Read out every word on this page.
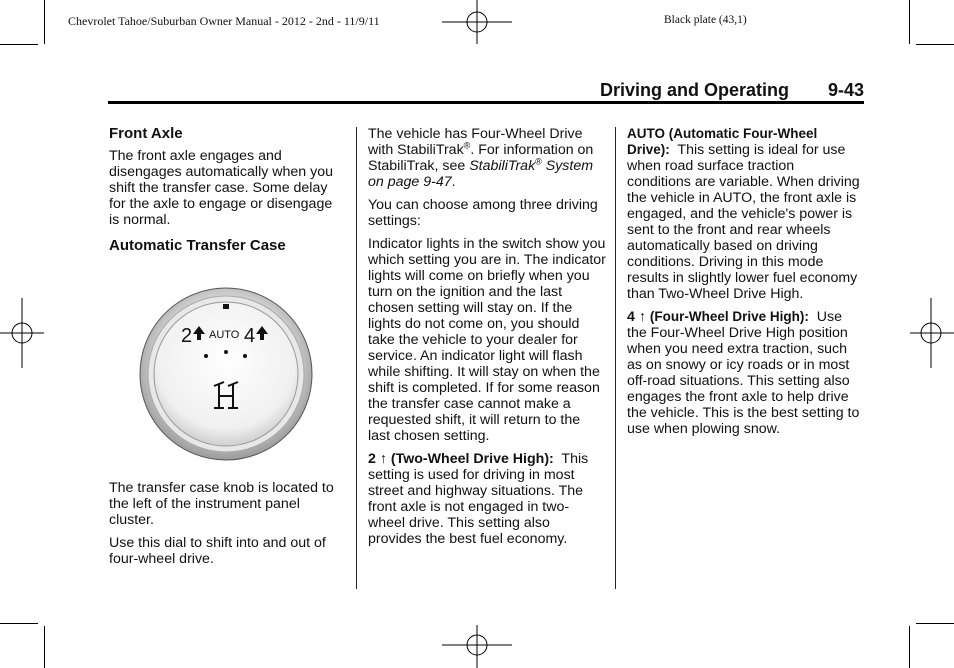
Chevrolet Tahoe/Suburban Owner Manual - 2012 - 2nd - 11/9/11	Black plate (43,1)
Driving and Operating 9-43
Front Axle

The front axle engages and disengages automatically when you shift the transfer case. Some delay for the axle to engage or disengage is normal.

Automatic Transfer Case
2 AUTO 4

The transfer case knob is located to the left of the instrument panel cluster.

Use this dial to shift into and out of four-wheel drive.

The vehicle has Four-Wheel Drive with StabiliTrak®. For information on StabiliTrak, see StabiliTrak® System on page 9-47.

You can choose among three driving settings:

Indicator lights in the switch show you which setting you are in. The indicator lights will come on briefly when you turn on the ignition and the last chosen setting will stay on. If the lights do not come on, you should take the vehicle to your dealer for service. An indicator light will flash while shifting. It will stay on when the shift is completed. If for some reason the transfer case cannot make a requested shift, it will return to the last chosen setting.

2 ↑ (Two-Wheel Drive High): This setting is used for driving in most street and highway situations. The front axle is not engaged in two-wheel drive. This setting also provides the best fuel economy.

AUTO (Automatic Four-Wheel Drive): This setting is ideal for use when road surface traction conditions are variable. When driving the vehicle in AUTO, the front axle is engaged, and the vehicle's power is sent to the front and rear wheels automatically based on driving conditions. Driving in this mode results in slightly lower fuel economy than Two-Wheel Drive High.

4 ↑ (Four-Wheel Drive High): Use the Four-Wheel Drive High position when you need extra traction, such as on snowy or icy roads or in most off-road situations. This setting also engages the front axle to help drive the vehicle. This is the best setting to use when plowing snow.
